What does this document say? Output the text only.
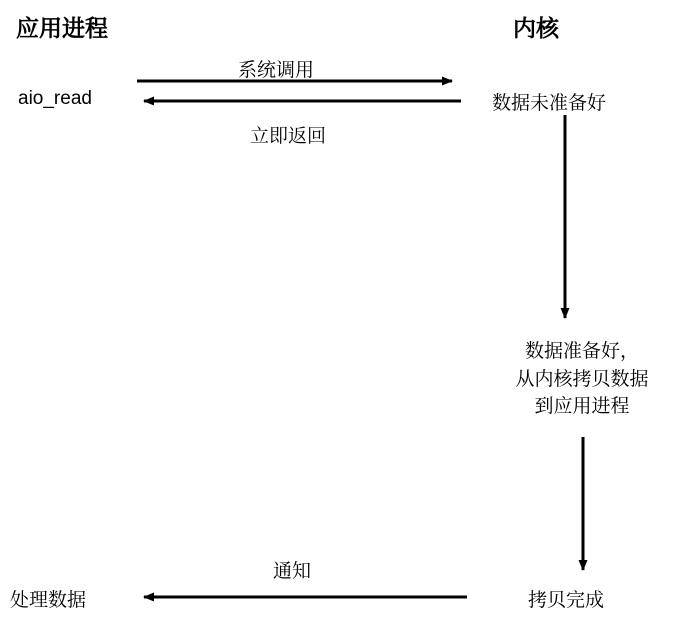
应用进程	内核
aio_read	数据未准备好
数据准备好，
从内核拷贝数据
到应用进程
拷贝完成
处理数据
系统调用
立即返回
通知
